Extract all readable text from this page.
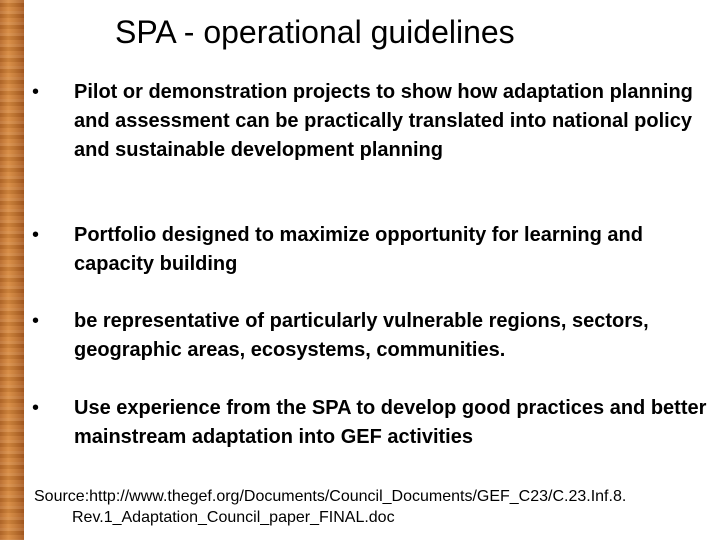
SPA - operational guidelines
• Pilot or demonstration projects to show how adaptation planning and assessment can be practically translated into national policy and sustainable development planning
• Portfolio designed to maximize opportunity for learning and capacity building
• be representative of particularly vulnerable regions, sectors, geographic areas, ecosystems, communities.
• Use experience from the SPA to develop good practices and better mainstream adaptation into GEF activities
Source:http://www.thegef.org/Documents/Council_Documents/GEF_C23/C.23.Inf.8.
Rev.1_Adaptation_Council_paper_FINAL.doc
